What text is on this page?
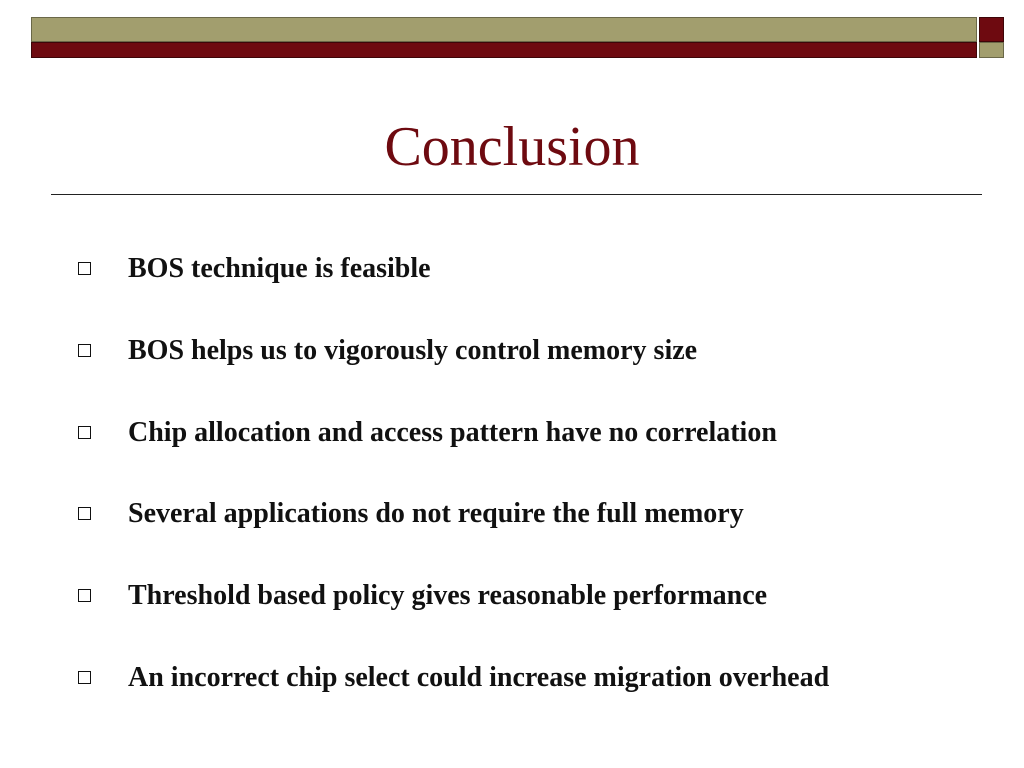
Conclusion
BOS technique is feasible
BOS helps us to vigorously control memory size
Chip allocation and access pattern have no correlation
Several applications do not require the full memory
Threshold based policy gives reasonable performance
An incorrect chip select could increase migration overhead
